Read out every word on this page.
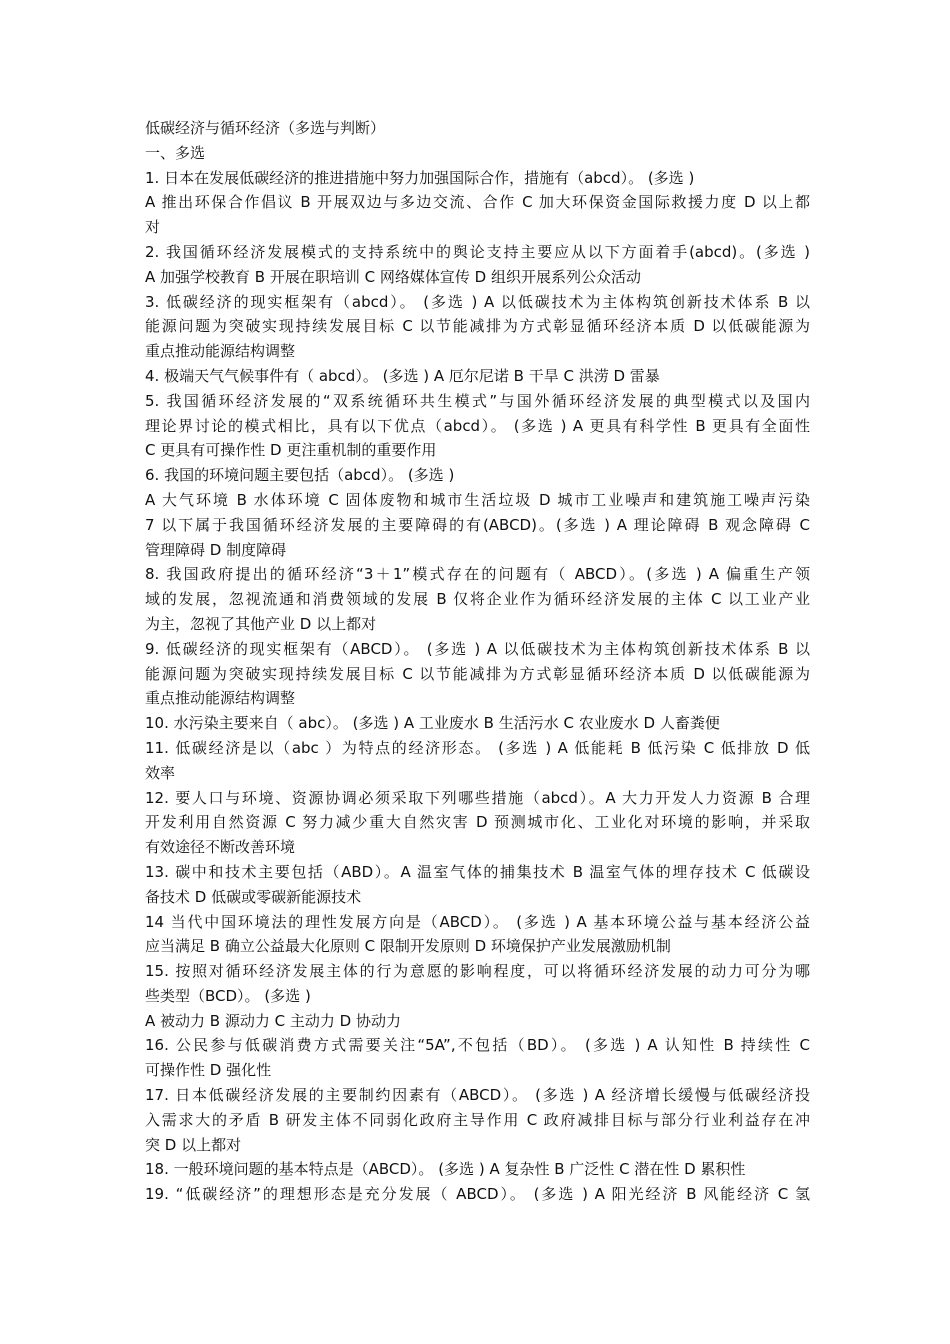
低碳经济与循环经济（多选与判断）
一、多选
1. 日本在发展低碳经济的推进措施中努力加强国际合作，措施有（abcd）。 (多选 )
A 推出环保合作倡议 B 开展双边与多边交流、合作 C 加大环保资金国际救援力度 D 以上都
对
2. 我国循环经济发展模式的支持系统中的舆论支持主要应从以下方面着手(abcd)。(多选 )
A 加强学校教育 B 开展在职培训 C 网络媒体宣传 D 组织开展系列公众活动
3. 低碳经济的现实框架有（abcd）。 (多选 ) A 以低碳技术为主体构筑创新技术体系 B 以
能源问题为突破实现持续发展目标 C 以节能减排为方式彰显循环经济本质 D 以低碳能源为
重点推动能源结构调整
4. 极端天气气候事件有（ abcd）。 (多选 ) A 厄尔尼诺 B 干旱 C 洪涝 D 雷暴
5. 我国循环经济发展的“双系统循环共生模式”与国外循环经济发展的典型模式以及国内
理论界讨论的模式相比，具有以下优点（abcd）。 (多选 ) A 更具有科学性 B 更具有全面性
C 更具有可操作性 D 更注重机制的重要作用
6. 我国的环境问题主要包括（abcd）。 (多选 )
A 大气环境 B 水体环境 C 固体废物和城市生活垃圾 D 城市工业噪声和建筑施工噪声污染
7 以下属于我国循环经济发展的主要障碍的有(ABCD)。(多选 ) A 理论障碍 B 观念障碍 C
管理障碍 D 制度障碍
8. 我国政府提出的循环经济“3＋1”模式存在的问题有（ ABCD）。(多选 ) A 偏重生产领
域的发展，忽视流通和消费领域的发展 B 仅将企业作为循环经济发展的主体 C 以工业产业
为主，忽视了其他产业 D 以上都对
9. 低碳经济的现实框架有（ABCD）。 (多选 ) A 以低碳技术为主体构筑创新技术体系 B 以
能源问题为突破实现持续发展目标 C 以节能减排为方式彰显循环经济本质 D 以低碳能源为
重点推动能源结构调整
10. 水污染主要来自（ abc）。 (多选 ) A 工业废水 B 生活污水 C 农业废水 D 人畜粪便
11. 低碳经济是以（abc ）为特点的经济形态。 (多选 ) A 低能耗 B 低污染 C 低排放 D 低
效率
12. 要人口与环境、资源协调必须采取下列哪些措施（abcd）。A 大力开发人力资源 B 合理
开发利用自然资源 C 努力减少重大自然灾害 D 预测城市化、工业化对环境的影响，并采取
有效途径不断改善环境
13. 碳中和技术主要包括（ABD）。A 温室气体的捕集技术 B 温室气体的埋存技术 C 低碳设
备技术 D 低碳或零碳新能源技术
14 当代中国环境法的理性发展方向是（ABCD）。 (多选 ) A 基本环境公益与基本经济公益
应当满足 B 确立公益最大化原则 C 限制开发原则 D 环境保护产业发展激励机制
15. 按照对循环经济发展主体的行为意愿的影响程度，可以将循环经济发展的动力可分为哪
些类型（BCD）。 (多选 )
A 被动力 B 源动力 C 主动力 D 协动力
16. 公民参与低碳消费方式需要关注“5A”,不包括（BD）。 (多选 ) A 认知性 B 持续性 C
可操作性 D 强化性
17. 日本低碳经济发展的主要制约因素有（ABCD）。 (多选 ) A 经济增长缓慢与低碳经济投
入需求大的矛盾 B 研发主体不同弱化政府主导作用 C 政府减排目标与部分行业利益存在冲
突 D 以上都对
18. 一般环境问题的基本特点是（ABCD）。 (多选 ) A 复杂性 B 广泛性 C 潜在性 D 累积性
19. “低碳经济”的理想形态是充分发展（ ABCD）。 (多选 ) A 阳光经济 B 风能经济 C 氢
